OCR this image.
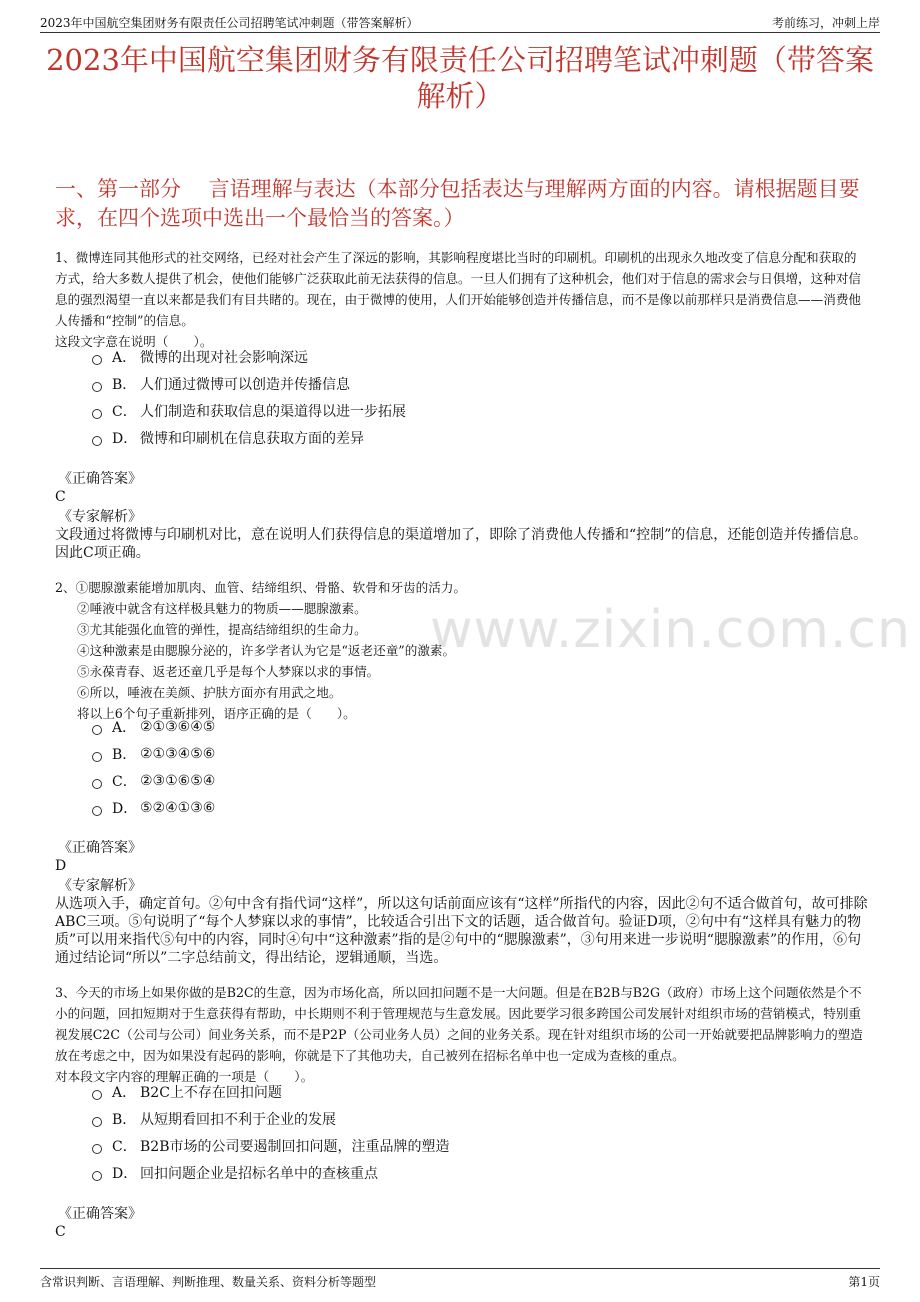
2023年中国航空集团财务有限责任公司招聘笔试冲刺题（带答案解析）	考前练习，冲刺上岸
2023年中国航空集团财务有限责任公司招聘笔试冲刺题（带答案解析）
一、第一部分　 言语理解与表达（本部分包括表达与理解两方面的内容。请根据题目要求，在四个选项中选出一个最恰当的答案。）
www.zixin.com.cn

1、微博连同其他形式的社交网络，已经对社会产生了深远的影响，其影响程度堪比当时的印刷机。印刷机的出现永久地改变了信息分配和获取的方式，给大多数人提供了机会，使他们能够广泛获取此前无法获得的信息。一旦人们拥有了这种机会，他们对于信息的需求会与日俱增，这种对信息的强烈渴望一直以来都是我们有目共睹的。现在，由于微博的使用，人们开始能够创造并传播信息，而不是像以前那样只是消费信息——消费他人传播和“控制”的信息。

这段文字意在说明（　　）。

A． 微博的出现对社会影响深远
B． 人们通过微博可以创造并传播信息
C． 人们制造和获取信息的渠道得以进一步拓展
D． 微博和印刷机在信息获取方面的差异
《正确答案》
C
《专家解析》
文段通过将微博与印刷机对比，意在说明人们获得信息的渠道增加了，即除了消费他人传播和“控制”的信息，还能创造并传播信息。因此C项正确。

2、①腮腺激素能增加肌肉、血管、结缔组织、骨骼、软骨和牙齿的活力。

②唾液中就含有这样极具魅力的物质——腮腺激素。

③尤其能强化血管的弹性，提高结缔组织的生命力。

④这种激素是由腮腺分泌的，许多学者认为它是“返老还童”的激素。

⑤永葆青春、返老还童几乎是每个人梦寐以求的事情。

⑥所以，唾液在美颜、护肤方面亦有用武之地。

将以上6个句子重新排列，语序正确的是（　　）。

A． ②①③⑥④⑤
B． ②①③④⑤⑥
C． ②③①⑥⑤④
D． ⑤②④①③⑥
《正确答案》
D
《专家解析》
从选项入手，确定首句。②句中含有指代词“这样”，所以这句话前面应该有“这样”所指代的内容，因此②句不适合做首句，故可排除ABC三项。⑤句说明了“每个人梦寐以求的事情”，比较适合引出下文的话题，适合做首句。验证D项，②句中有“这样具有魅力的物质”可以用来指代⑤句中的内容，同时④句中“这种激素”指的是②句中的“腮腺激素”，③句用来进一步说明“腮腺激素”的作用，⑥句通过结论词“所以”二字总结前文，得出结论，逻辑通顺，当选。

3、今天的市场上如果你做的是B2C的生意，因为市场化高，所以回扣问题不是一大问题。但是在B2B与B2G（政府）市场上这个问题依然是个不小的问题，回扣短期对于生意获得有帮助，中长期则不利于管理规范与生意发展。因此要学习很多跨国公司发展针对组织市场的营销模式，特别重视发展C2C（公司与公司）间业务关系，而不是P2P（公司业务人员）之间的业务关系。现在针对组织市场的公司一开始就要把品牌影响力的塑造放在考虑之中，因为如果没有起码的影响，你就是下了其他功夫，自己被列在招标名单中也一定成为查核的重点。

对本段文字内容的理解正确的一项是（　　）。

A． B2C上不存在回扣问题
B． 从短期看回扣不利于企业的发展
C． B2B市场的公司要遏制回扣问题，注重品牌的塑造
D． 回扣问题企业是招标名单中的查核重点
《正确答案》
C
含常识判断、言语理解、判断推理、数量关系、资料分析等题型	第1页
